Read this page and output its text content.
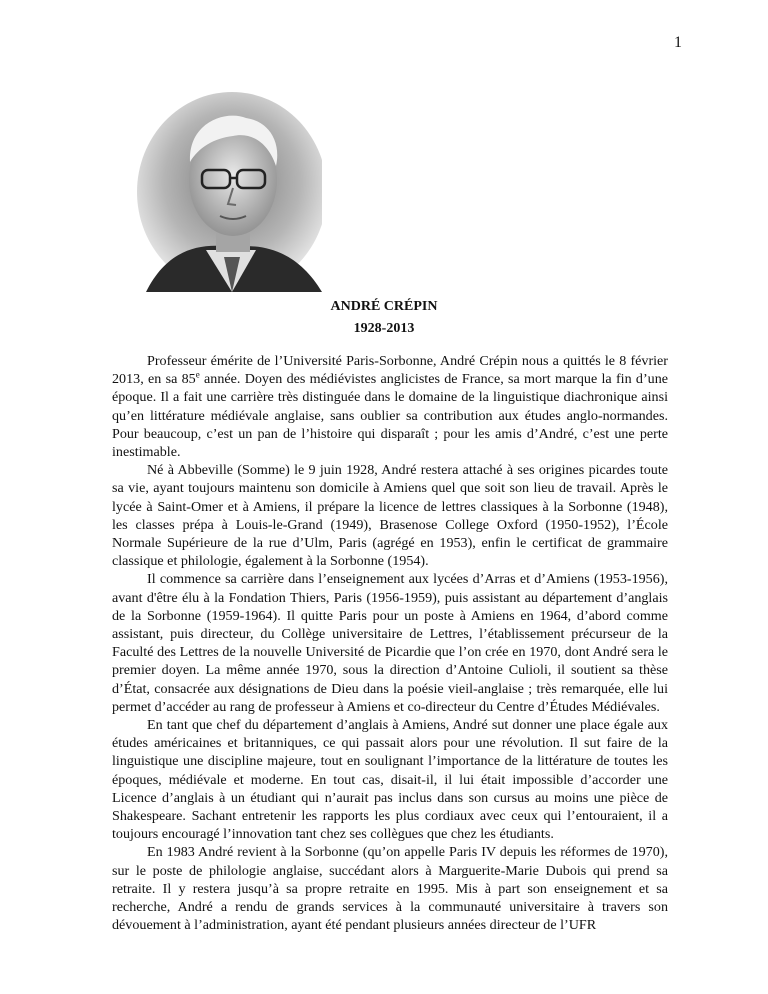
1
ANDRÉ CRÉPIN
1928-2013

Professeur émérite de l’Université Paris-Sorbonne, André Crépin nous a quittés le 8 février 2013, en sa 85e année. Doyen des médiévistes anglicistes de France, sa mort marque la fin d’une époque. Il a fait une carrière très distinguée dans le domaine de la linguistique diachronique ainsi qu’en littérature médiévale anglaise, sans oublier sa contribution aux études anglo-normandes. Pour beaucoup, c’est un pan de l’histoire qui disparaît ; pour les amis d’André, c’est une perte inestimable.

Né à Abbeville (Somme) le 9 juin 1928, André restera attaché à ses origines picardes toute sa vie, ayant toujours maintenu son domicile à Amiens quel que soit son lieu de travail. Après le lycée à Saint-Omer et à Amiens, il prépare la licence de lettres classiques à la Sorbonne (1948), les classes prépa à Louis-le-Grand (1949), Brasenose College Oxford (1950-1952), l’École Normale Supérieure de la rue d’Ulm, Paris (agrégé en 1953), enfin le certificat de grammaire classique et philologie, également à la Sorbonne (1954).

Il commence sa carrière dans l’enseignement aux lycées d’Arras et d’Amiens (1953-1956), avant d'être élu à la Fondation Thiers, Paris (1956-1959), puis assistant au département d’anglais de la Sorbonne (1959-1964). Il quitte Paris pour un poste à Amiens en 1964, d’abord comme assistant, puis directeur, du Collège universitaire de Lettres, l’établissement précurseur de la Faculté des Lettres de la nouvelle Université de Picardie que l’on crée en 1970, dont André sera le premier doyen. La même année 1970, sous la direction d’Antoine Culioli, il soutient sa thèse d’État, consacrée aux désignations de Dieu dans la poésie vieil-anglaise ; très remarquée, elle lui permet d’accéder au rang de professeur à Amiens et co-directeur du Centre d’Études Médiévales.

En tant que chef du département d’anglais à Amiens, André sut donner une place égale aux études américaines et britanniques, ce qui passait alors pour une révolution. Il sut faire de la linguistique une discipline majeure, tout en soulignant l’importance de la littérature de toutes les époques, médiévale et moderne. En tout cas, disait-il, il lui était impossible d’accorder une Licence d’anglais à un étudiant qui n’aurait pas inclus dans son cursus au moins une pièce de Shakespeare. Sachant entretenir les rapports les plus cordiaux avec ceux qui l’entouraient, il a toujours encouragé l’innovation tant chez ses collègues que chez les étudiants.

En 1983 André revient à la Sorbonne (qu’on appelle Paris IV depuis les réformes de 1970), sur le poste de philologie anglaise, succédant alors à Marguerite-Marie Dubois qui prend sa retraite. Il y restera jusqu’à sa propre retraite en 1995. Mis à part son enseignement et sa recherche, André a rendu de grands services à la communauté universitaire à travers son dévouement à l’administration, ayant été pendant plusieurs années directeur de l’UFR
